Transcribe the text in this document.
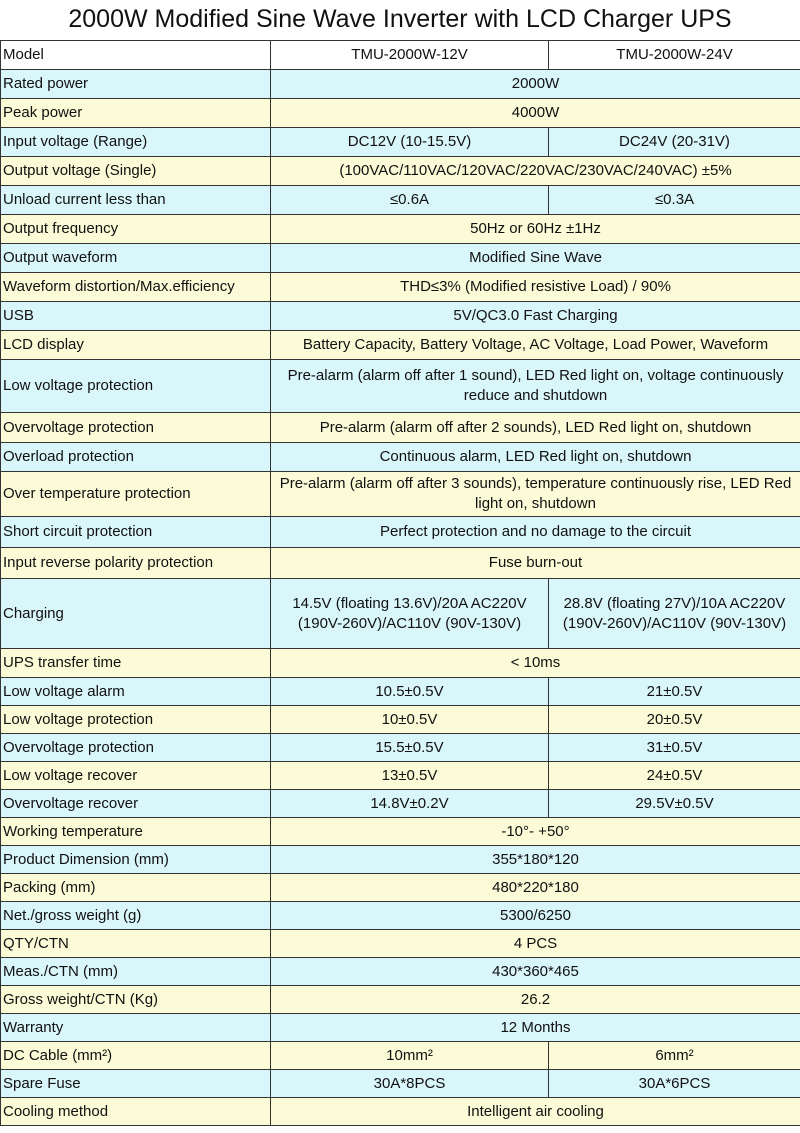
2000W Modified Sine Wave Inverter with LCD Charger UPS
Model	TMU-2000W-12V	TMU-2000W-24V
Rated power	2000W	
Peak power	4000W	
Input voltage (Range)	DC12V (10-15.5V)	DC24V (20-31V)
Output voltage (Single)	(100VAC/110VAC/120VAC/220VAC/230VAC/240VAC) ±5%	
Unload current less than	≤0.6A	≤0.3A
Output frequency	50Hz or 60Hz ±1Hz	
Output waveform	Modified Sine Wave	
Waveform distortion/Max.efficiency	THD≤3% (Modified resistive Load) / 90%	
USB	5V/QC3.0 Fast Charging	
LCD display	Battery Capacity, Battery Voltage, AC Voltage, Load Power, Waveform	
Low voltage protection	Pre-alarm (alarm off after 1 sound), LED Red light on, voltage continuously reduce and shutdown	
Overvoltage protection	Pre-alarm (alarm off after 2 sounds), LED Red light on, shutdown	
Overload protection	Continuous alarm, LED Red light on, shutdown	
Over temperature protection	Pre-alarm (alarm off after 3 sounds), temperature continuously rise, LED Red light on, shutdown	
Short circuit protection	Perfect protection and no damage to the circuit	
Input reverse polarity protection	Fuse burn-out	
Charging	14.5V (floating 13.6V)/20A AC220V (190V-260V)/AC110V (90V-130V)	28.8V (floating 27V)/10A AC220V (190V-260V)/AC110V (90V-130V)
UPS transfer time	< 10ms	
Low voltage alarm	10.5±0.5V	21±0.5V
Low voltage protection	10±0.5V	20±0.5V
Overvoltage protection	15.5±0.5V	31±0.5V
Low voltage recover	13±0.5V	24±0.5V
Overvoltage recover	14.8V±0.2V	29.5V±0.5V
Working temperature	-10°- +50°	
Product Dimension (mm)	355*180*120	
Packing (mm)	480*220*180	
Net./gross weight (g)	5300/6250	
QTY/CTN	4 PCS	
Meas./CTN (mm)	430*360*465	
Gross weight/CTN (Kg)	26.2	
Warranty	12 Months	
DC Cable (mm²)	10mm²	6mm²
Spare Fuse	30A*8PCS	30A*6PCS
Cooling method	Intelligent air cooling	
